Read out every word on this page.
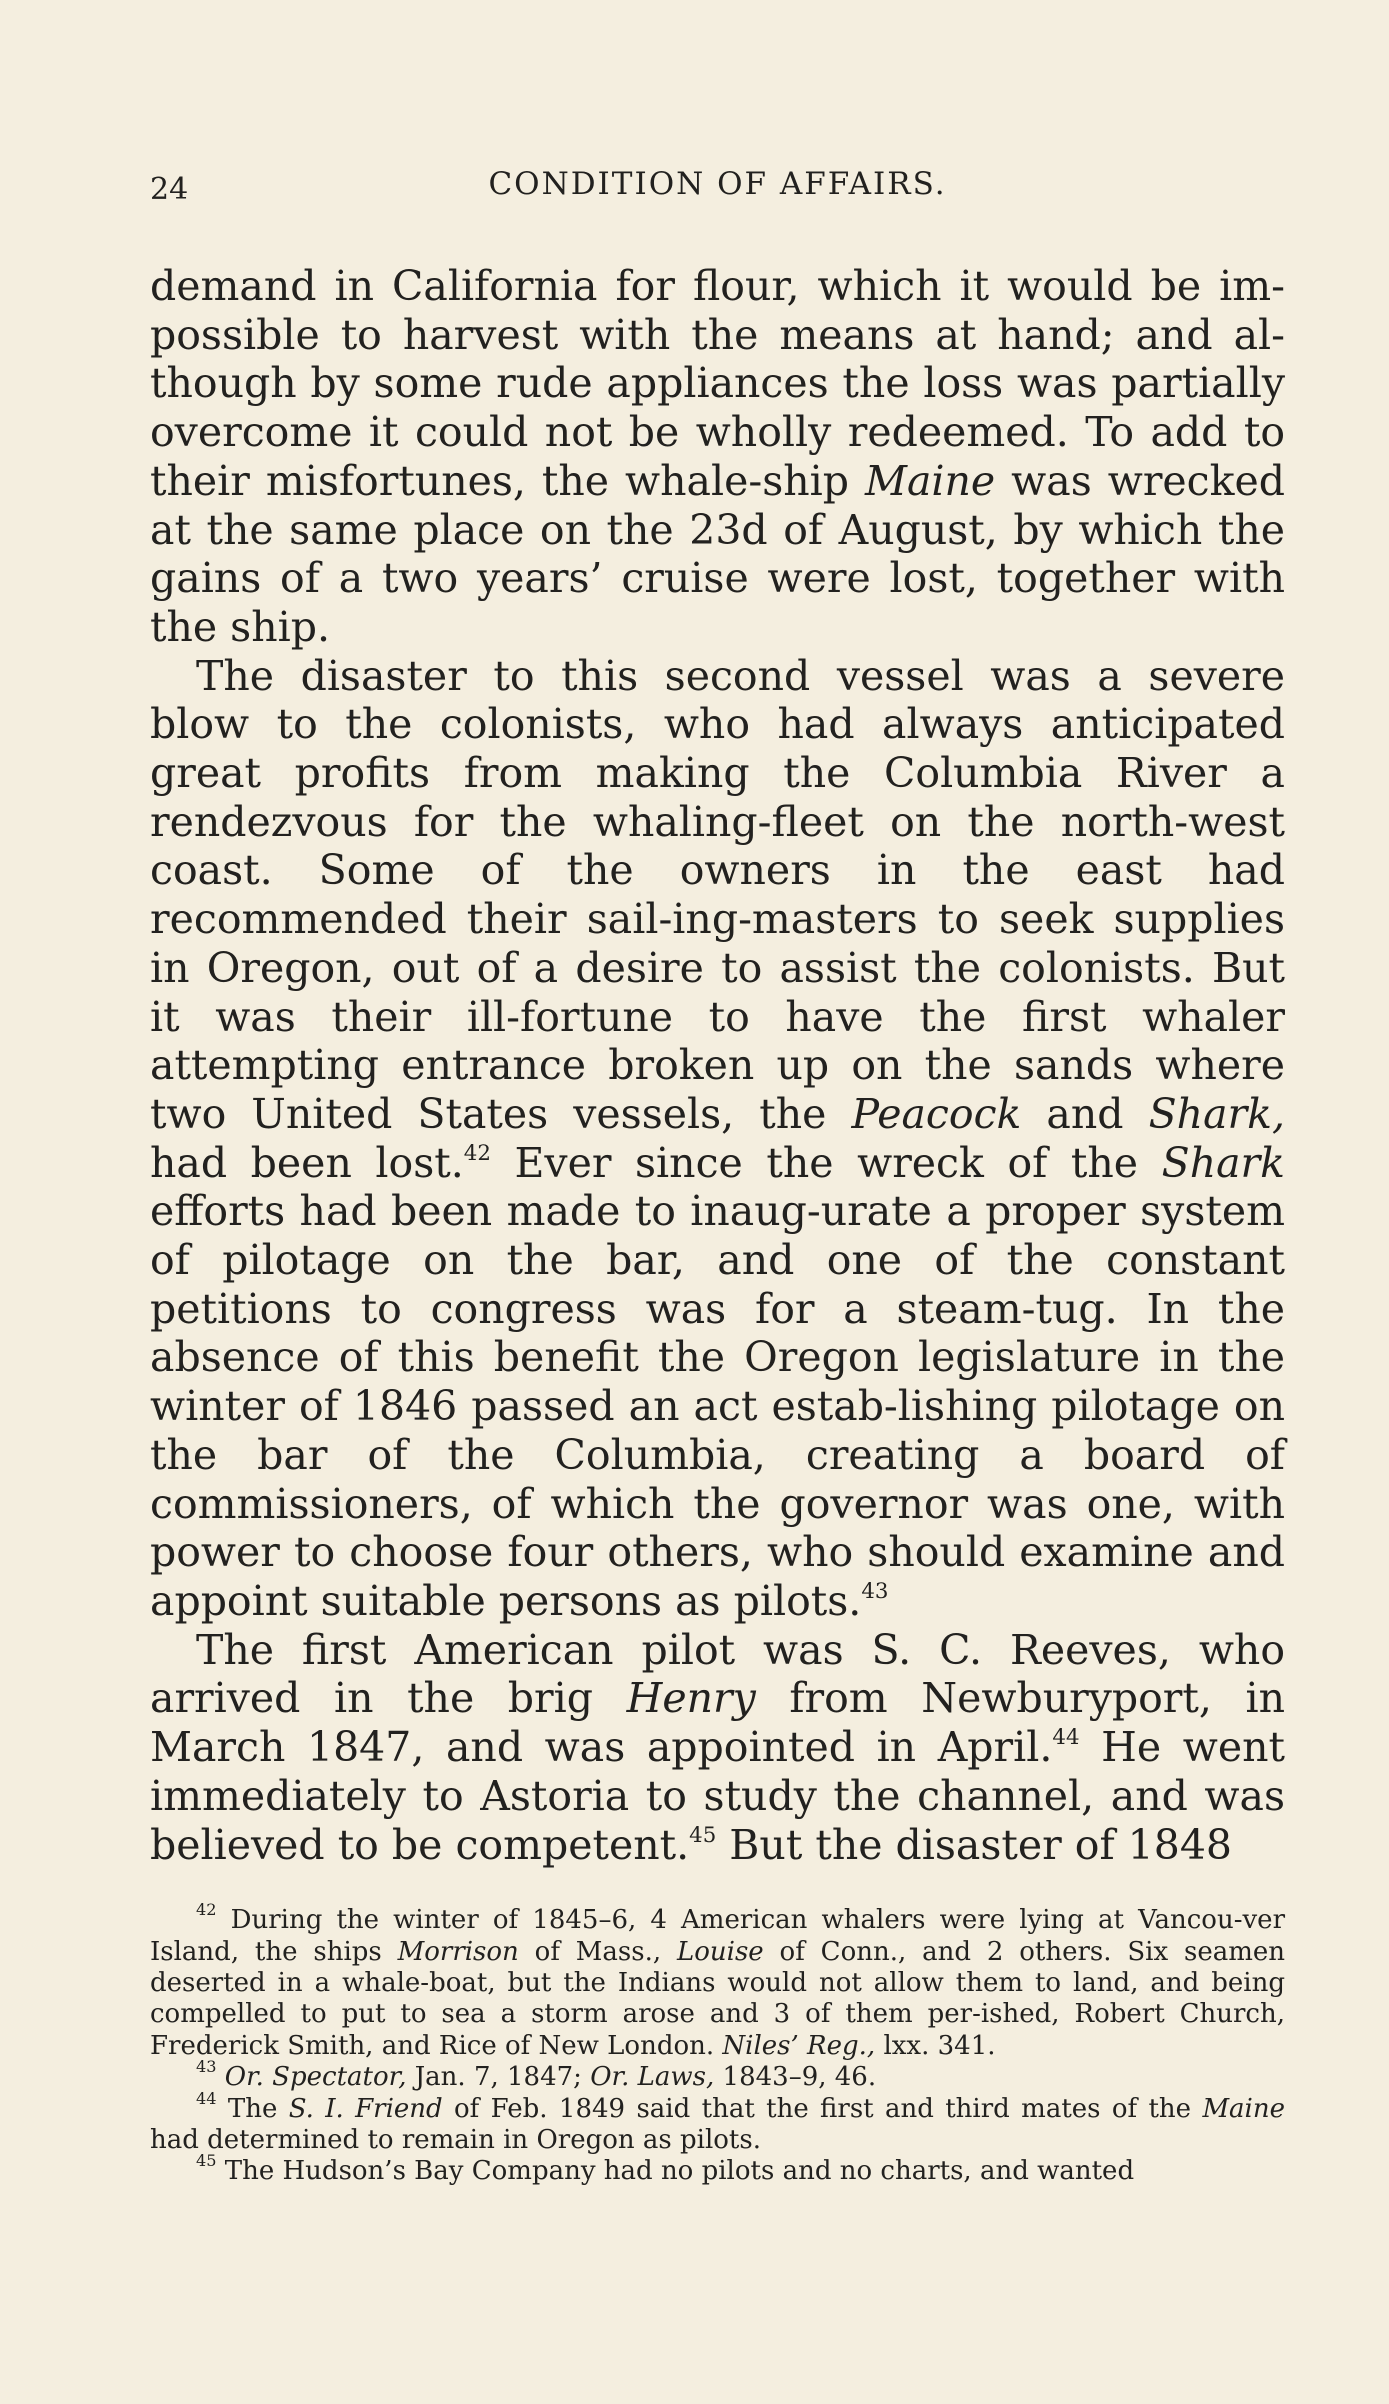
24	CONDITION OF AFFAIRS.

demand in California for flour, which it would be im-possible to harvest with the means at hand; and al-though by some rude appliances the loss was partially overcome it could not be wholly redeemed. To add to their misfortunes, the whale-ship Maine was wrecked at the same place on the 23d of August, by which the gains of a two years’ cruise were lost, together with the ship.

The disaster to this second vessel was a severe blow to the colonists, who had always anticipated great profits from making the Columbia River a rendezvous for the whaling-fleet on the north-west coast. Some of the owners in the east had recommended their sail-ing-masters to seek supplies in Oregon, out of a desire to assist the colonists. But it was their ill-fortune to have the first whaler attempting entrance broken up on the sands where two United States vessels, the Peacock and Shark, had been lost.$^{42}$ Ever since the wreck of the Shark efforts had been made to inaug-urate a proper system of pilotage on the bar, and one of the constant petitions to congress was for a steam-tug. In the absence of this benefit the Oregon legislature in the winter of 1846 passed an act estab-lishing pilotage on the bar of the Columbia, creating a board of commissioners, of which the governor was one, with power to choose four others, who should examine and appoint suitable persons as pilots.$^{43}$

The first American pilot was S. C. Reeves, who arrived in the brig Henry from Newburyport, in March 1847, and was appointed in April.$^{44}$ He went immediately to Astoria to study the channel, and was believed to be competent.$^{45}$ But the disaster of 1848

$^{42}$ During the winter of 1845–6, 4 American whalers were lying at Vancou-ver Island, the ships Morrison of Mass., Louise of Conn., and 2 others. Six seamen deserted in a whale-boat, but the Indians would not allow them to land, and being compelled to put to sea a storm arose and 3 of them per-ished, Robert Church, Frederick Smith, and Rice of New London. Niles’ Reg., lxx. 341.

$^{43}$ Or. Spectator, Jan. 7, 1847; Or. Laws, 1843–9, 46.

$^{44}$ The S. I. Friend of Feb. 1849 said that the first and third mates of the Maine had determined to remain in Oregon as pilots.

$^{45}$ The Hudson’s Bay Company had no pilots and no charts, and wanted
